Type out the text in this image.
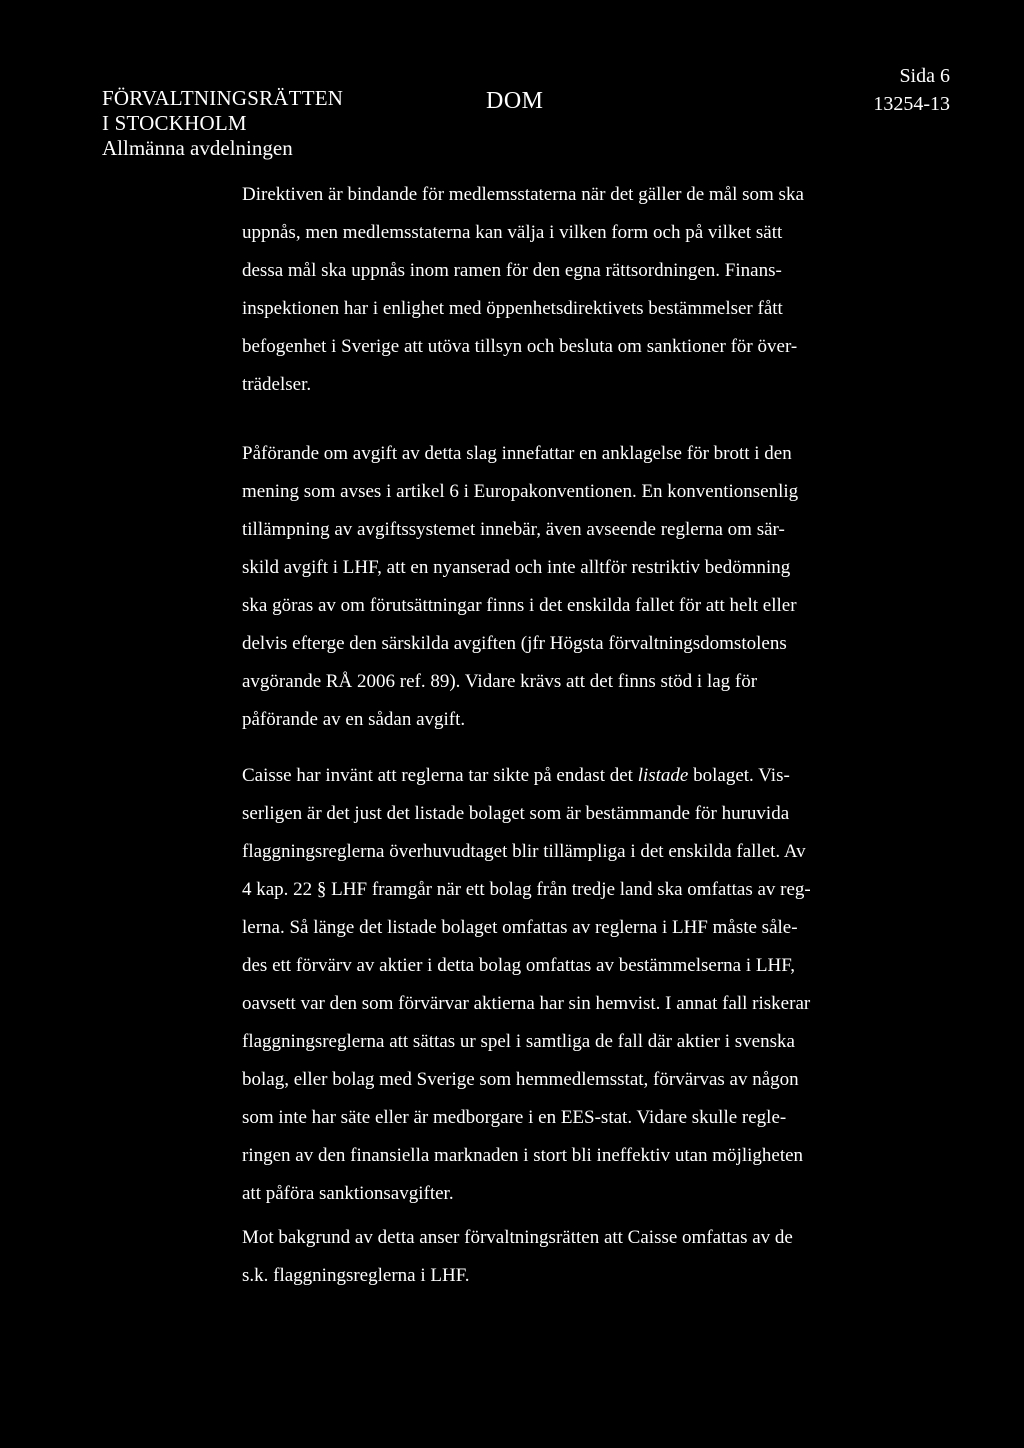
FÖRVALTNINGSRÄTTEN
I STOCKHOLM
Allmänna avdelningen
DOM
Sida 6
13254-13

Direktiven är bindande för medlemsstaterna när det gäller de mål som ska
uppnås, men medlemsstaterna kan välja i vilken form och på vilket sätt
dessa mål ska uppnås inom ramen för den egna rättsordningen. Finans-
inspektionen har i enlighet med öppenhetsdirektivets bestämmelser fått
befogenhet i Sverige att utöva tillsyn och besluta om sanktioner för över-
trädelser.

Påförande om avgift av detta slag innefattar en anklagelse för brott i den
mening som avses i artikel 6 i Europakonventionen. En konventionsenlig
tillämpning av avgiftssystemet innebär, även avseende reglerna om sär-
skild avgift i LHF, att en nyanserad och inte alltför restriktiv bedömning
ska göras av om förutsättningar finns i det enskilda fallet för att helt eller
delvis efterge den särskilda avgiften (jfr Högsta förvaltningsdomstolens
avgörande RÅ 2006 ref. 89). Vidare krävs att det finns stöd i lag för
påförande av en sådan avgift.

Caisse har invänt att reglerna tar sikte på endast det listade bolaget. Vis-
serligen är det just det listade bolaget som är bestämmande för huruvida
flaggningsreglerna överhuvudtaget blir tillämpliga i det enskilda fallet. Av
4 kap. 22 § LHF framgår när ett bolag från tredje land ska omfattas av reg-
lerna. Så länge det listade bolaget omfattas av reglerna i LHF måste såle-
des ett förvärv av aktier i detta bolag omfattas av bestämmelserna i LHF,
oavsett var den som förvärvar aktierna har sin hemvist. I annat fall riskerar
flaggningsreglerna att sättas ur spel i samtliga de fall där aktier i svenska
bolag, eller bolag med Sverige som hemmedlemsstat, förvärvas av någon
som inte har säte eller är medborgare i en EES-stat. Vidare skulle regle-
ringen av den finansiella marknaden i stort bli ineffektiv utan möjligheten
att påföra sanktionsavgifter.

Mot bakgrund av detta anser förvaltningsrätten att Caisse omfattas av de
s.k. flaggningsreglerna i LHF.
